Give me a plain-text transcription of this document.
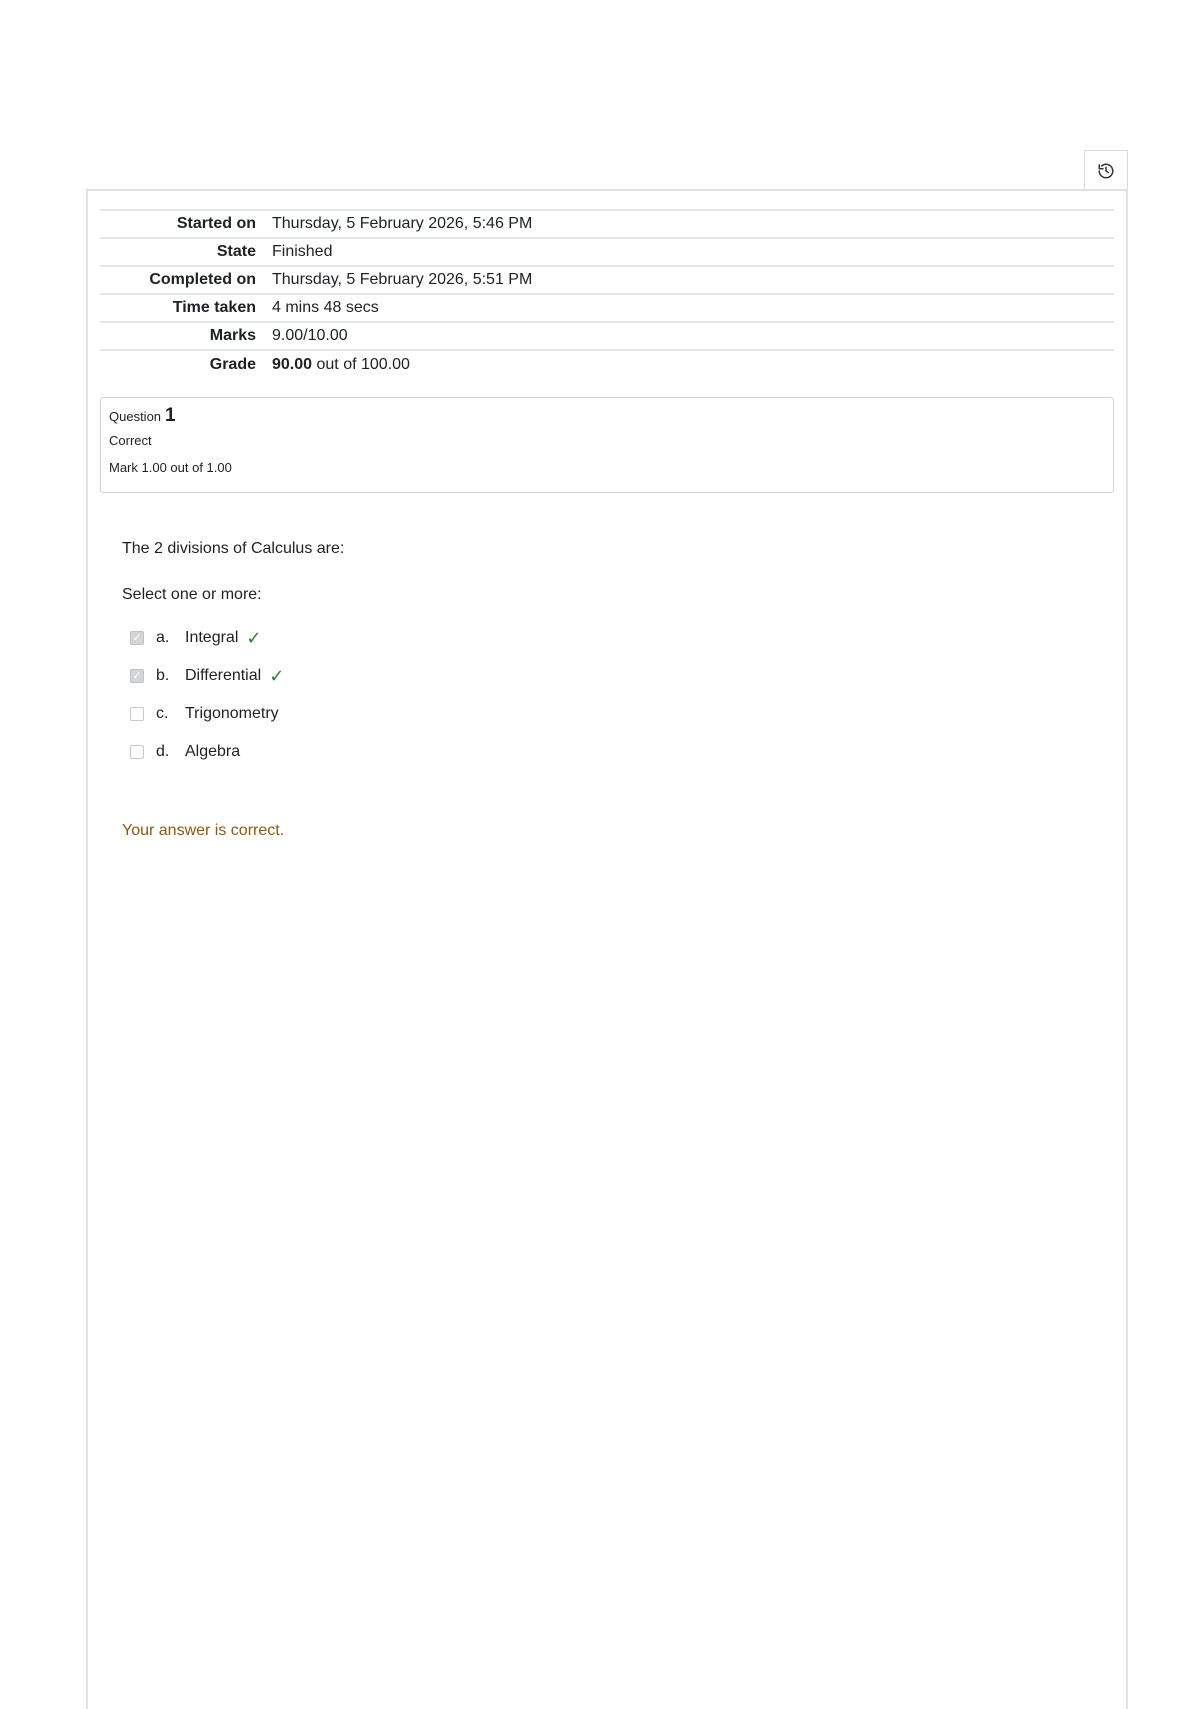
Started on	Thursday, 5 February 2026, 5:46 PM
State	Finished
Completed on	Thursday, 5 February 2026, 5:51 PM
Time taken	4 mins 48 secs
Marks	9.00/10.00
Grade	90.00 out of 100.00
Question 1
Correct
Mark 1.00 out of 1.00
The 2 divisions of Calculus are:
Select one or more:
✓
a. Integral ✓
✓
b. Differential ✓
c.	Trigonometry
d. Algebra
Your answer is correct.
